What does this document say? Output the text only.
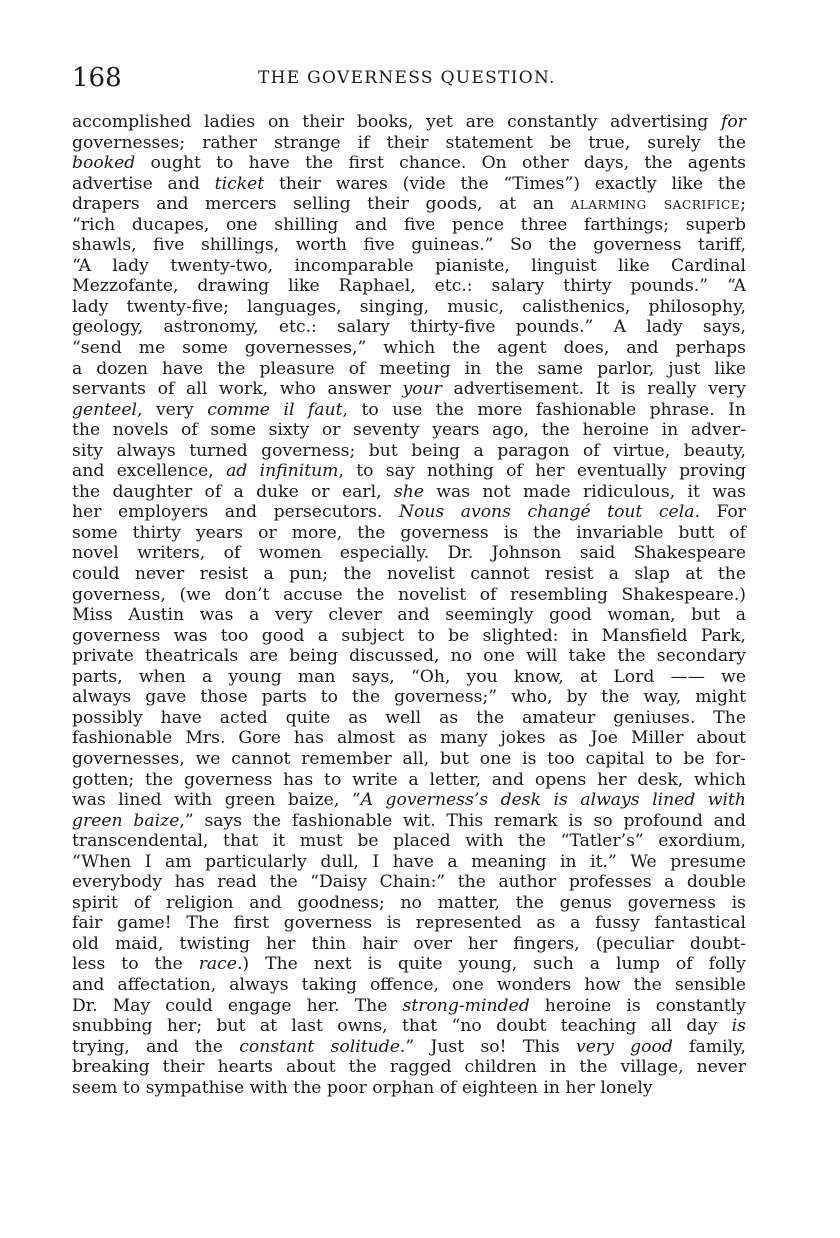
168	THE GOVERNESS QUESTION.
accomplished ladies on their books, yet are constantly advertising for
governesses; rather strange if their statement be true, surely the
booked ought to have the first chance. On other days, the agents
advertise and ticket their wares (vide the “Times”) exactly like the
drapers and mercers selling their goods, at an alarming sacrifice;
“rich ducapes, one shilling and five pence three farthings; superb
shawls, five shillings, worth five guineas.” So the governess tariff,
“A lady twenty-two, incomparable pianiste, linguist like Cardinal
Mezzofante, drawing like Raphael, etc.: salary thirty pounds.” “A
lady twenty-five; languages, singing, music, calisthenics, philosophy,
geology, astronomy, etc.: salary thirty-five pounds.” A lady says,
“send me some governesses,” which the agent does, and perhaps
a dozen have the pleasure of meeting in the same parlor, just like
servants of all work, who answer your advertisement. It is really very
genteel, very comme il faut, to use the more fashionable phrase. In
the novels of some sixty or seventy years ago, the heroine in adver-
sity always turned governess; but being a paragon of virtue, beauty,
and excellence, ad infinitum, to say nothing of her eventually proving
the daughter of a duke or earl, she was not made ridiculous, it was
her employers and persecutors. Nous avons changé tout cela. For
some thirty years or more, the governess is the invariable butt of
novel writers, of women especially. Dr. Johnson said Shakespeare
could never resist a pun; the novelist cannot resist a slap at the
governess, (we don’t accuse the novelist of resembling Shakespeare.)
Miss Austin was a very clever and seemingly good woman, but a
governess was too good a subject to be slighted: in Mansfield Park,
private theatricals are being discussed, no one will take the secondary
parts, when a young man says, “Oh, you know, at Lord —— we
always gave those parts to the governess;” who, by the way, might
possibly have acted quite as well as the amateur geniuses. The
fashionable Mrs. Gore has almost as many jokes as Joe Miller about
governesses, we cannot remember all, but one is too capital to be for-
gotten; the governess has to write a letter, and opens her desk, which
was lined with green baize, “A governess’s desk is always lined with
green baize,” says the fashionable wit. This remark is so profound and
transcendental, that it must be placed with the “Tatler’s” exordium,
“When I am particularly dull, I have a meaning in it.” We presume
everybody has read the “Daisy Chain:” the author professes a double
spirit of religion and goodness; no matter, the genus governess is
fair game! The first governess is represented as a fussy fantastical
old maid, twisting her thin hair over her fingers, (peculiar doubt-
less to the race.) The next is quite young, such a lump of folly
and affectation, always taking offence, one wonders how the sensible
Dr. May could engage her. The strong-minded heroine is constantly
snubbing her; but at last owns, that “no doubt teaching all day is
trying, and the constant solitude.” Just so! This very good family,
breaking their hearts about the ragged children in the village, never
seem to sympathise with the poor orphan of eighteen in her lonely
